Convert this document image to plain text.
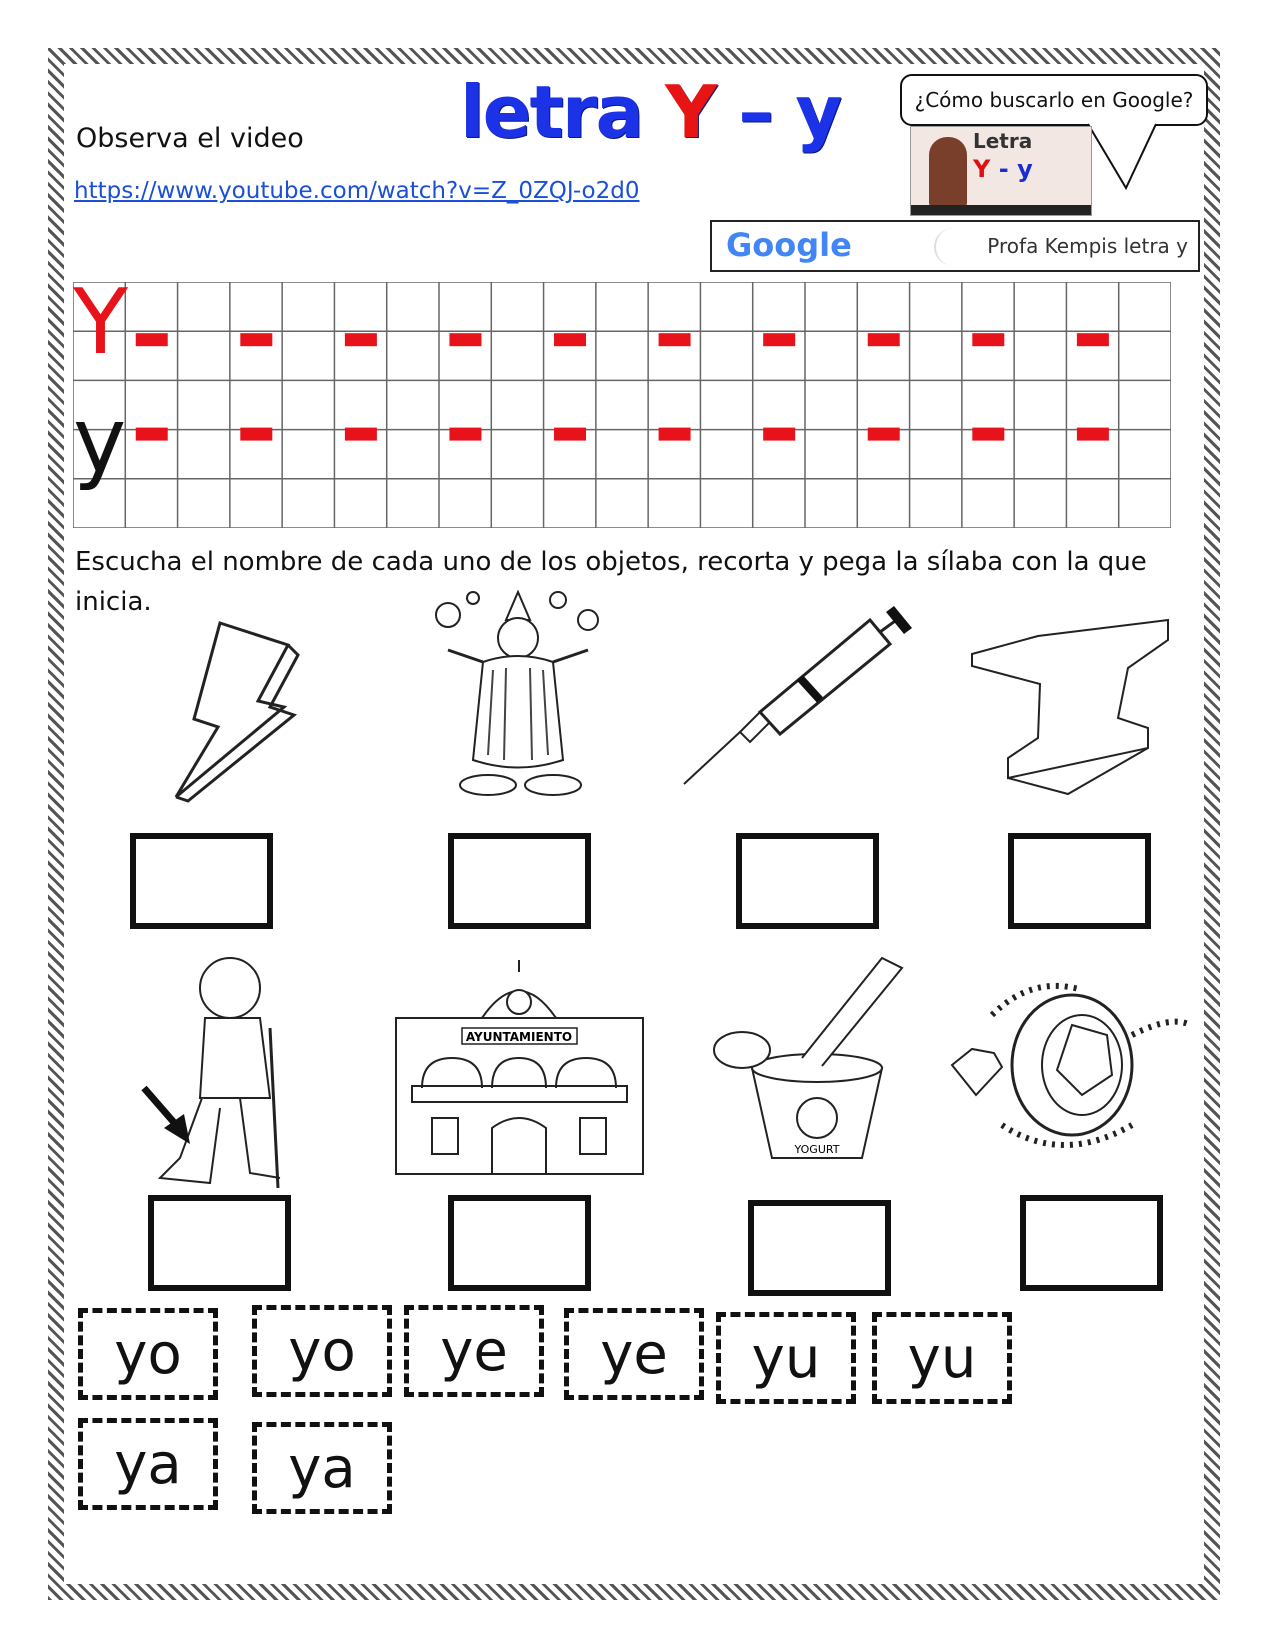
letra Y – y
Observa el video
https://www.youtube.com/watch?v=Z_0ZQJ-o2d0
¿Cómo buscarlo en Google?
Letra
Y - y
Google	Profa Kempis letra y
Y
y
Escucha el nombre de cada uno de los objetos, recorta y pega la sílaba con la que inicia.
AYUNTAMIENTO
YOGURT
yo	yo	ye	ye	yu	yu
ya	ya
